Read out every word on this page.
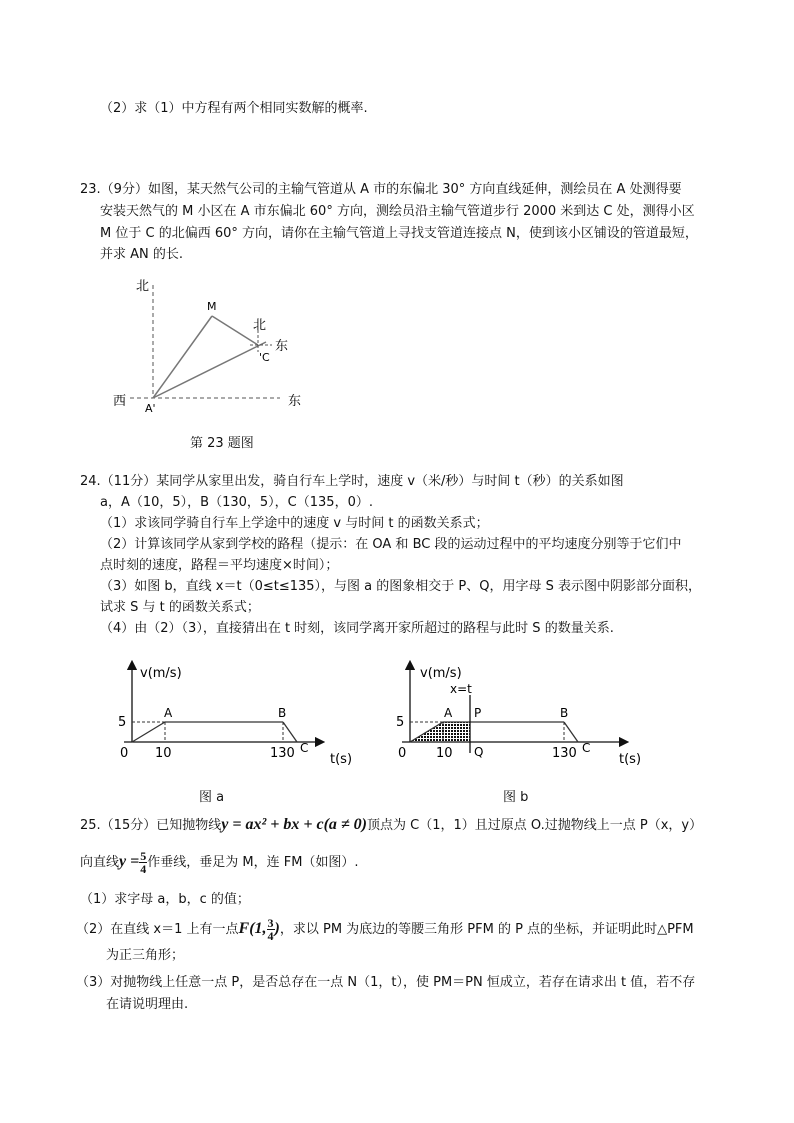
（2）求（1）中方程有两个相同实数解的概率.
23.（9分）如图，某天然气公司的主输气管道从 A 市的东偏北 30° 方向直线延伸，测绘员在 A 处测得要
安装天然气的 M 小区在 A 市东偏北 60° 方向，测绘员沿主输气管道步行 2000 米到达 C 处，测得小区
M 位于 C 的北偏西 60° 方向，请你在主输气管道上寻找支管道连接点 N，使到该小区铺设的管道最短，
并求 AN 的长.
北
西	东
A'
M
'C
北
东
第 23 题图
24.（11分）某同学从家里出发，骑自行车上学时，速度 v（米/秒）与时间 t（秒）的关系如图
a，A（10，5），B（130，5），C（135，0）.
（1）求该同学骑自行车上学途中的速度 v 与时间 t 的函数关系式；
（2）计算该同学从家到学校的路程（提示：在 OA 和 BC 段的运动过程中的平均速度分别等于它们中
点时刻的速度，路程＝平均速度×时间）；
（3）如图 b，直线 x＝t（0≤t≤135），与图 a 的图象相交于 P、Q，用字母 S 表示图中阴影部分面积，
试求 S 与 t 的函数关系式；
（4）由（2）（3），直接猜出在 t 时刻，该同学离开家所超过的路程与此时 S 的数量关系.
v(m/s)
5
0 10	130
A	B
C
t(s)
图 a
v(m/s)
x=t
5
0 10	130
A P
Q
B
C
t(s)
图 b
25.（15分）已知抛物线y = ax² + bx + c(a ≠ 0)顶点为 C（1，1）且过原点 O.过抛物线上一点 P（x，y）
向直线$y = \frac{5}{4}$ 作垂线，垂足为 M，连 FM（如图）.
（1）求字母 a，b，c 的值；
（2）在直线 x＝1 上有一点F(1, $\frac{3}{4}$ )，求以 PM 为底边的等腰三角形 PFM 的 P 点的坐标，并证明此时△PFM
为正三角形；
（3）对抛物线上任意一点 P，是否总存在一点 N（1，t），使 PM＝PN 恒成立，若存在请求出 t 值，若不存
在请说明理由.
